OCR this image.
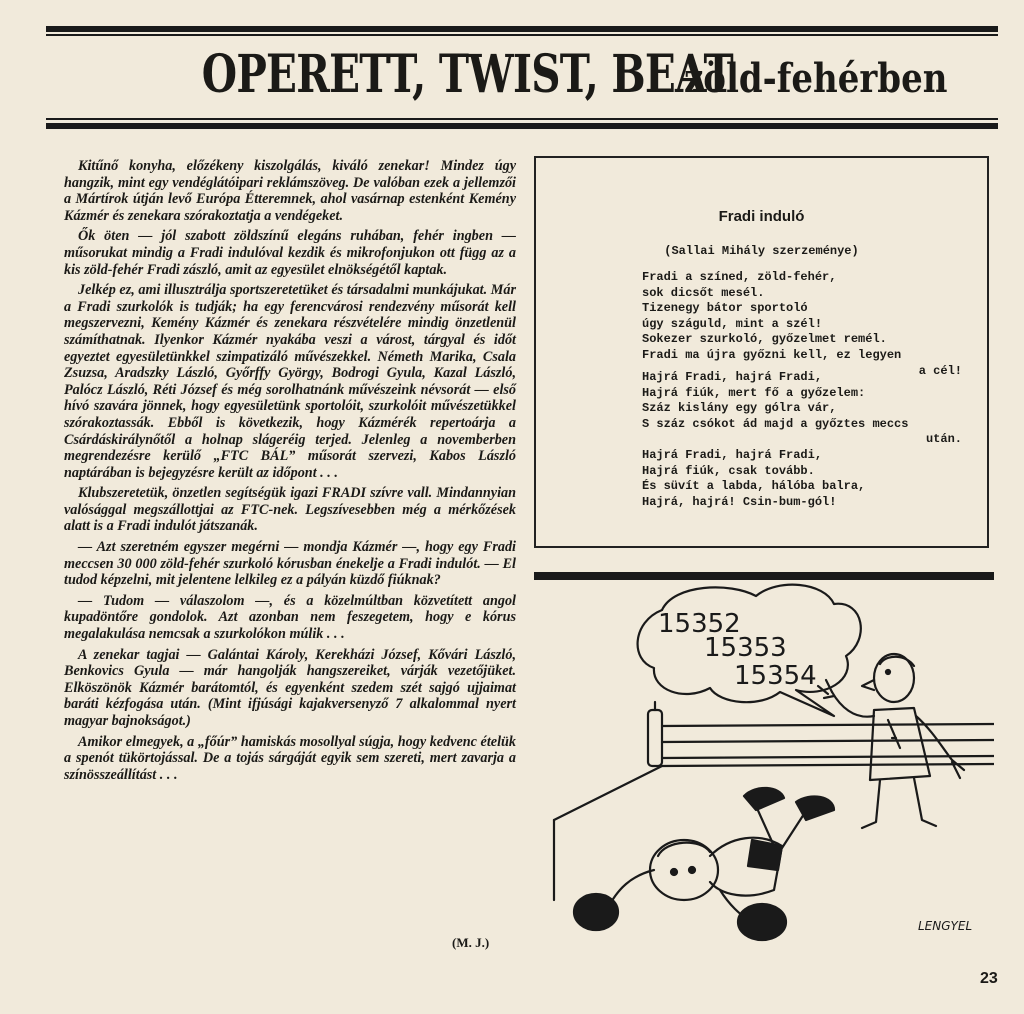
OPERETT, TWIST, BEAT
zöld-fehérben

Kitűnő konyha, előzékeny kiszolgálás, kiváló zenekar! Mindez úgy hangzik, mint egy vendéglátóipari reklámszöveg. De valóban ezek a jellemzői a Mártírok útján levő Európa Étteremnek, ahol vasárnap estenként Kemény Kázmér és zenekara szórakoztatja a vendégeket.

Ők öten — jól szabott zöldszínű elegáns ruhában, fehér ingben — műsorukat mindig a Fradi indulóval kezdik és mikrofonjukon ott függ az a kis zöld-fehér Fradi zászló, amit az egyesület elnökségétől kaptak.

Jelkép ez, ami illusztrálja sportszeretetüket és társadalmi munkájukat. Már a Fradi szurkolók is tudják; ha egy ferencvárosi rendezvény műsorát kell megszervezni, Kemény Kázmér és zenekara részvételére mindig önzetlenül számíthatnak. Ilyenkor Kázmér nyakába veszi a várost, tárgyal és időt egyeztet egyesületünkkel szimpatizáló művészekkel. Németh Marika, Csala Zsuzsa, Aradszky László, Győrffy György, Bodrogi Gyula, Kazal László, Palócz László, Réti József és még sorolhatnánk művészeink névsorát — első hívó szavára jönnek, hogy egyesületünk sportolóit, szurkolóit művészetükkel szórakoztassák. Ebből is következik, hogy Kázmérék repertoárja a Csárdáskirálynőtől a holnap slágeréig terjed. Jelenleg a novemberben megrendezésre kerülő „FTC BÁL” műsorát szervezi, Kabos László naptárában is bejegyzésre került az időpont . . .

Klubszeretetük, önzetlen segítségük igazi FRADI szívre vall. Mindannyian valósággal megszállottjai az FTC-nek. Legszívesebben még a mérkőzések alatt is a Fradi indulót játszanák.

— Azt szeretném egyszer megérni — mondja Kázmér —, hogy egy Fradi meccsen 30 000 zöld-fehér szurkoló kórusban énekelje a Fradi indulót. — El tudod képzelni, mit jelentene lelkileg ez a pályán küzdő fiúknak?

— Tudom — válaszolom —, és a közelmúltban közvetített angol kupadöntőre gondolok. Azt azonban nem feszegetem, hogy e kórus megalakulása nemcsak a szurkolókon múlik . . .

A zenekar tagjai — Galántai Károly, Kerekházi József, Kővári László, Benkovics Gyula — már hangolják hangszereiket, várják vezetőjüket. Elköszönök Kázmér barátomtól, és egyenként szedem szét sajgó ujjaimat baráti kézfogása után. (Mint ifjúsági kajakversenyző 7 alkalommal nyert magyar bajnokságot.)

Amikor elmegyek, a „főúr” hamiskás mosollyal súgja, hogy kedvenc ételük a spenót tükörtojással. De a tojás sárgáját egyik sem szereti, mert zavarja a színösszeállítást . . .

(M. J.)
Fradi induló
(Sallai Mihály szerzeménye)
Fradi a színed, zöld-fehér,
sok dicsőt mesél.
Tizenegy bátor sportoló
úgy száguld, mint a szél!
Sokezer szurkoló, győzelmet remél.
Fradi ma újra győzni kell, ez legyen
a cél!
Hajrá Fradi, hajrá Fradi,
Hajrá fiúk, mert fő a győzelem:
Száz kislány egy gólra vár,
S száz csókot ád majd a győztes meccs
után.
Hajrá Fradi, hajrá Fradi,
Hajrá fiúk, csak tovább.
És süvít a labda, hálóba balra,
Hajrá, hajrá! Csin-bum-gól!
15352
15353
15354
LENGYEL
23
